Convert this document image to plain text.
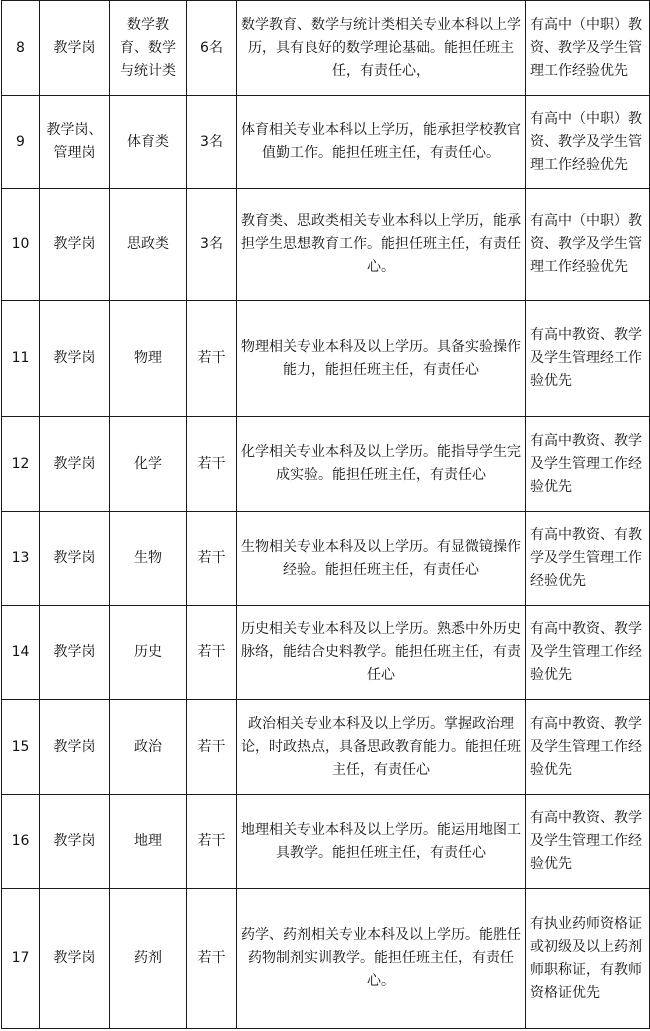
8	教学岗	数学教育、数学与统计类	6名	数学教育、数学与统计类相关专业本科以上学历，具有良好的数学理论基础。能担任班主任，有责任心，	有高中（中职）教资、教学及学生管理工作经验优先
9	教学岗、管理岗	体育类	3名	体育相关专业本科以上学历，能承担学校教官值勤工作。能担任班主任，有责任心。	有高中（中职）教资、教学及学生管理工作经验优先
10	教学岗	思政类	3名	教育类、思政类相关专业本科以上学历，能承担学生思想教育工作。能担任班主任，有责任心。	有高中（中职）教资、教学及学生管理工作经验优先
11	教学岗	物理	若干	物理相关专业本科及以上学历。具备实验操作能力，能担任班主任，有责任心	有高中教资、教学及学生管理经工作验优先
12	教学岗	化学	若干	化学相关专业本科及以上学历。能指导学生完成实验。能担任班主任，有责任心	有高中教资、教学及学生管理工作经验优先
13	教学岗	生物	若干	生物相关专业本科及以上学历。有显微镜操作经验。能担任班主任，有责任心	有高中教资、有教学及学生管理工作经验优先
14	教学岗	历史	若干	历史相关专业本科及以上学历。熟悉中外历史脉络，能结合史料教学。能担任班主任，有责任心	有高中教资、教学及学生管理工作经验优先
15	教学岗	政治	若干	政治相关专业本科及以上学历。掌握政治理论，时政热点，具备思政教育能力。能担任班主任，有责任心	有高中教资、教学及学生管理工作经验优先
16	教学岗	地理	若干	地理相关专业本科及以上学历。能运用地图工具教学。能担任班主任，有责任心	有高中教资、教学及学生管理工作经验优先
17	教学岗	药剂	若干	药学、药剂相关专业本科及以上学历。能胜任药物制剂实训教学。能担任班主任，有责任心。	有执业药师资格证或初级及以上药剂师职称证，有教师资格证优先
